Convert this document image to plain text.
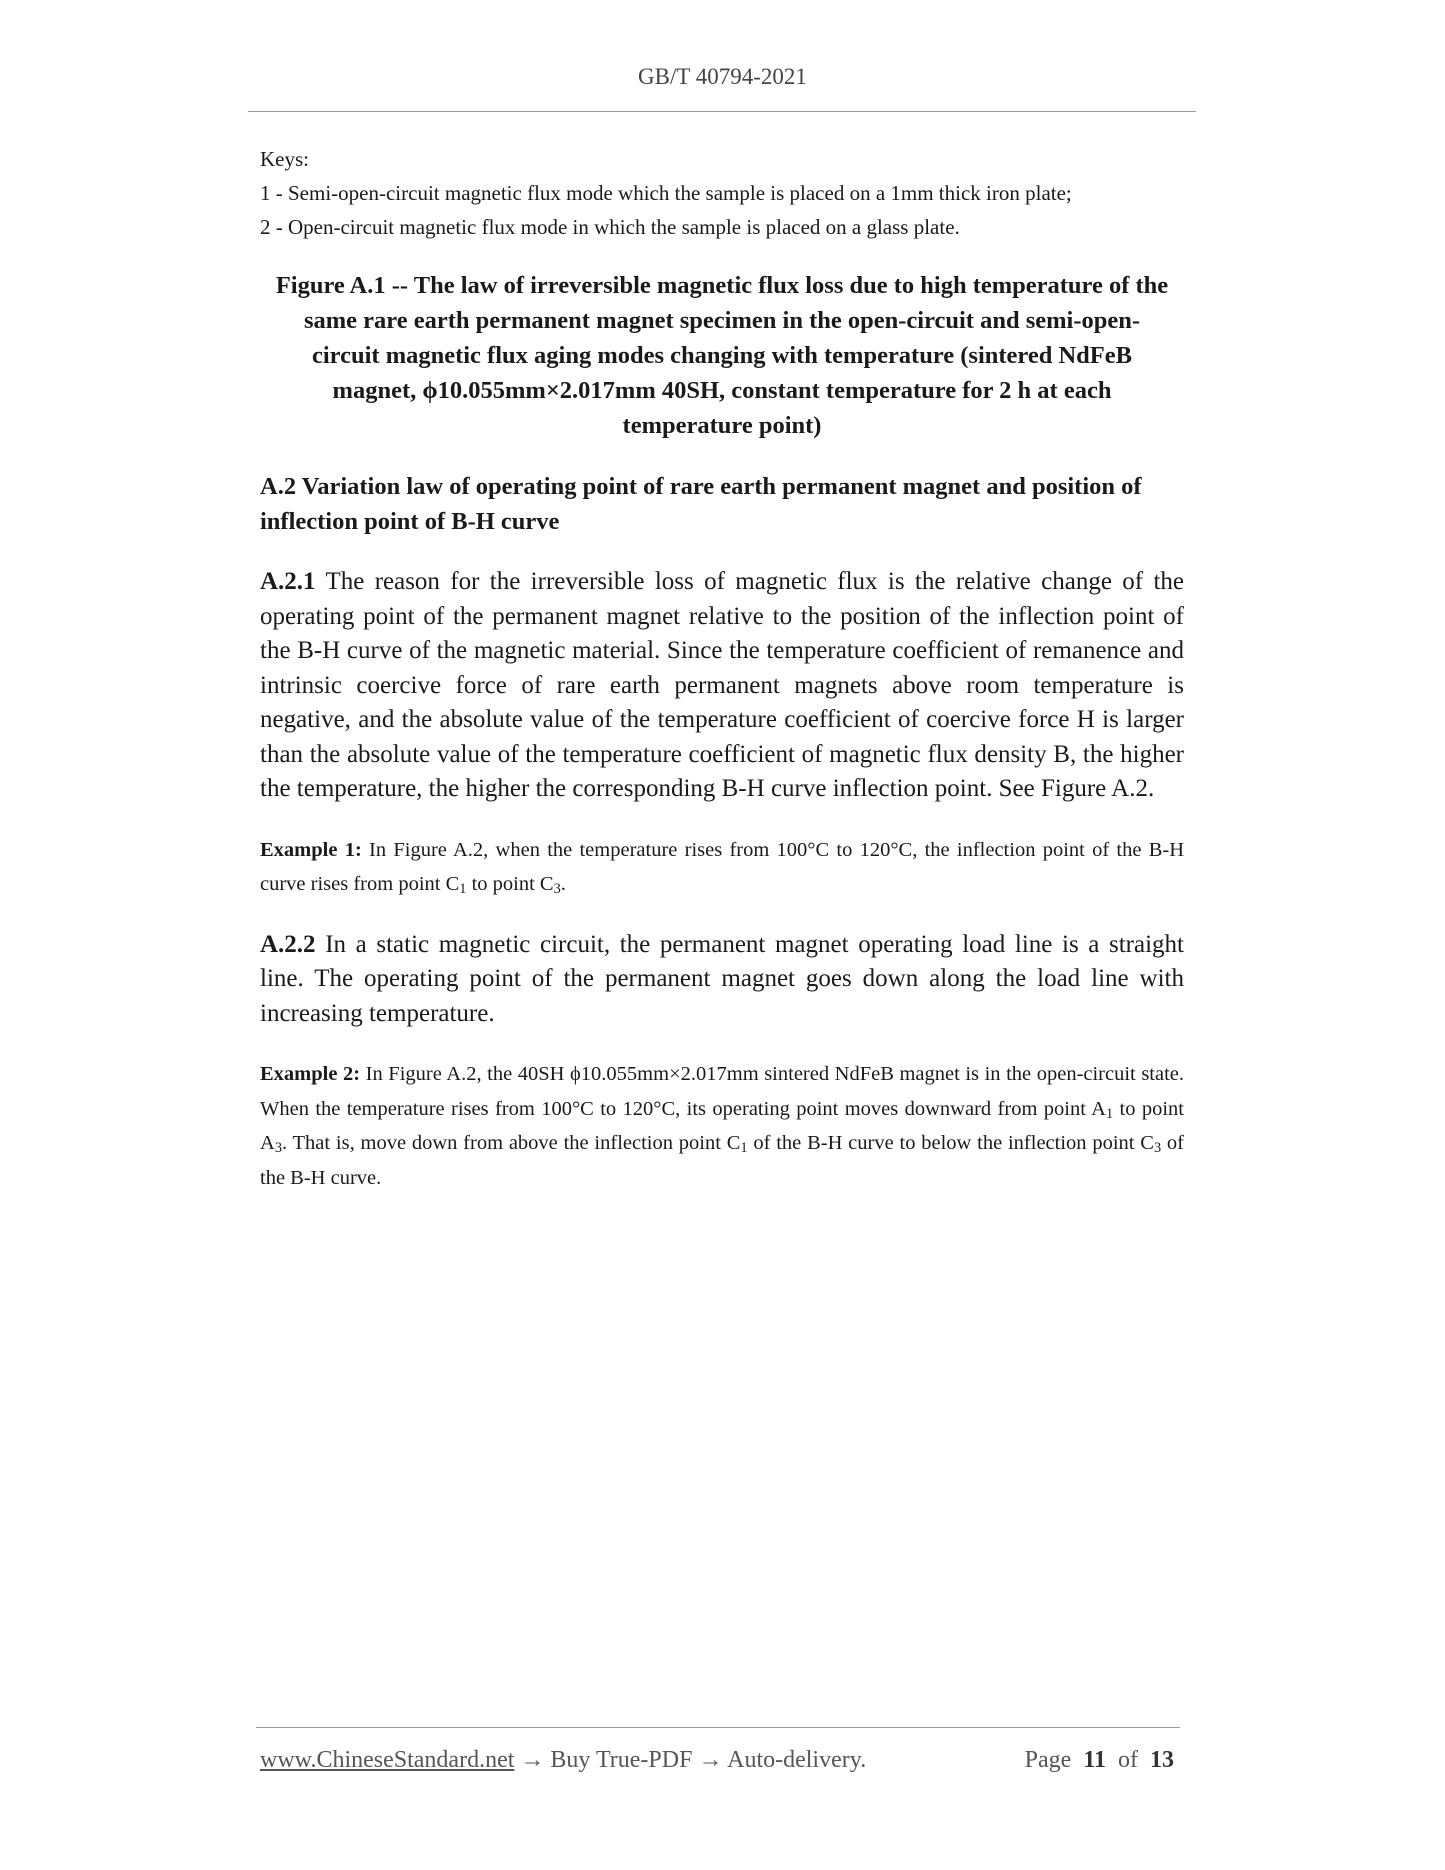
GB/T 40794-2021
Keys:
1 - Semi-open-circuit magnetic flux mode which the sample is placed on a 1mm thick iron plate;
2 - Open-circuit magnetic flux mode in which the sample is placed on a glass plate.
Figure A.1 -- The law of irreversible magnetic flux loss due to high temperature of the same rare earth permanent magnet specimen in the open-circuit and semi-open-circuit magnetic flux aging modes changing with temperature (sintered NdFeB magnet, ϕ10.055mm×2.017mm 40SH, constant temperature for 2 h at each temperature point)
A.2 Variation law of operating point of rare earth permanent magnet and position of inflection point of B-H curve
A.2.1 The reason for the irreversible loss of magnetic flux is the relative change of the operating point of the permanent magnet relative to the position of the inflection point of the B-H curve of the magnetic material. Since the temperature coefficient of remanence and intrinsic coercive force of rare earth permanent magnets above room temperature is negative, and the absolute value of the temperature coefficient of coercive force H is larger than the absolute value of the temperature coefficient of magnetic flux density B, the higher the temperature, the higher the corresponding B-H curve inflection point. See Figure A.2.
Example 1: In Figure A.2, when the temperature rises from 100°C to 120°C, the inflection point of the B-H curve rises from point $C_1$ to point $C_3$.
A.2.2 In a static magnetic circuit, the permanent magnet operating load line is a straight line. The operating point of the permanent magnet goes down along the load line with increasing temperature.
Example 2: In Figure A.2, the 40SH ϕ10.055mm×2.017mm sintered NdFeB magnet is in the open-circuit state. When the temperature rises from 100°C to 120°C, its operating point moves downward from point $A_1$ to point $A_3$. That is, move down from above the inflection point $C_1$ of the B-H curve to below the inflection point $C_3$ of the B-H curve.
www.ChineseStandard.net → Buy True-PDF → Auto-delivery.	Page 11 of 13
